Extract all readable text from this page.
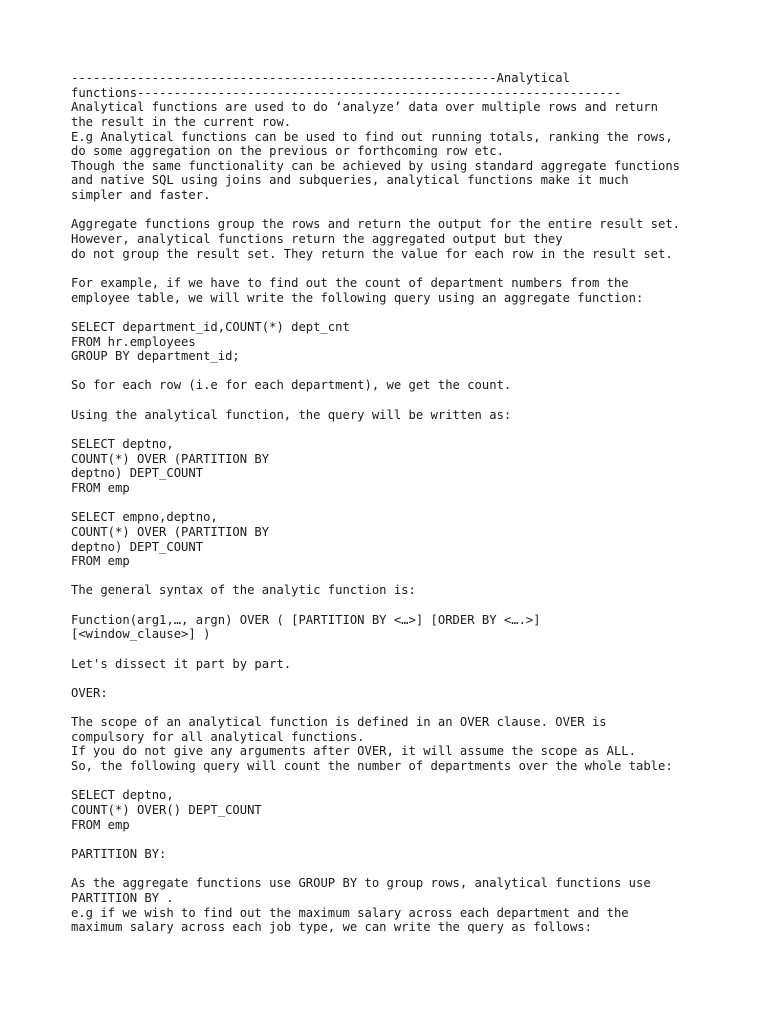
----------------------------------------------------------Analytical
functions------------------------------------------------------------------
Analytical functions are used to do ‘analyze’ data over multiple rows and return
the result in the current row.
E.g Analytical functions can be used to find out running totals, ranking the rows,
do some aggregation on the previous or forthcoming row etc.
Though the same functionality can be achieved by using standard aggregate functions
and native SQL using joins and subqueries, analytical functions make it much
simpler and faster.
Aggregate functions group the rows and return the output for the entire result set.
However, analytical functions return the aggregated output but they
do not group the result set. They return the value for each row in the result set.
For example, if we have to find out the count of department numbers from the
employee table, we will write the following query using an aggregate function:
SELECT department_id,COUNT(*) dept_cnt
FROM hr.employees
GROUP BY department_id;
So for each row (i.e for each department), we get the count.
Using the analytical function, the query will be written as:
SELECT deptno,
COUNT(*) OVER (PARTITION BY
deptno) DEPT_COUNT
FROM emp
SELECT empno,deptno,
COUNT(*) OVER (PARTITION BY
deptno) DEPT_COUNT
FROM emp
The general syntax of the analytic function is:
Function(arg1,…, argn) OVER ( [PARTITION BY <…>] [ORDER BY <….>]
[<window_clause>] )
Let's dissect it part by part.
OVER:
The scope of an analytical function is defined in an OVER clause. OVER is
compulsory for all analytical functions.
If you do not give any arguments after OVER, it will assume the scope as ALL.
So, the following query will count the number of departments over the whole table:
SELECT deptno,
COUNT(*) OVER() DEPT_COUNT
FROM emp
PARTITION BY:
As the aggregate functions use GROUP BY to group rows, analytical functions use
PARTITION BY .
e.g if we wish to find out the maximum salary across each department and the
maximum salary across each job type, we can write the query as follows:
